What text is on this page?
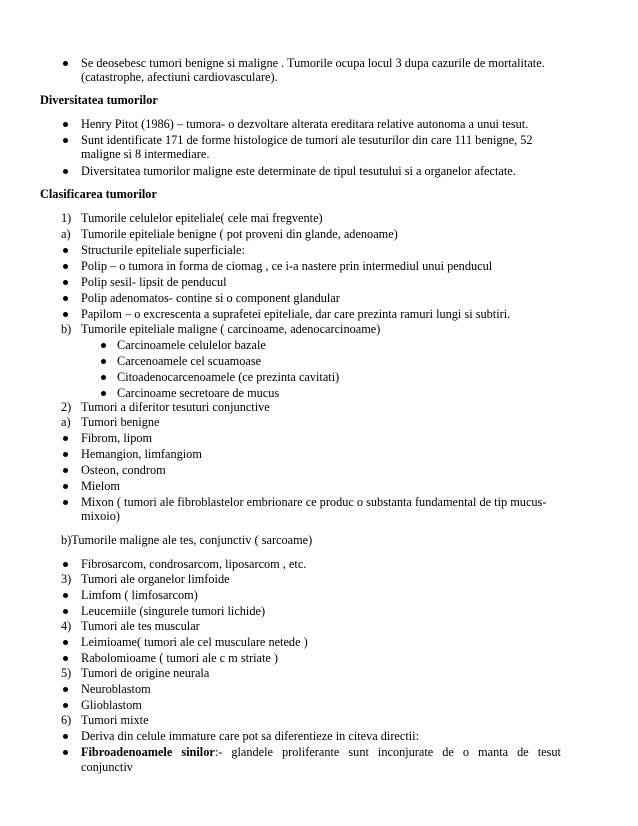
Se deosebesc tumori benigne si maligne . Tumorile ocupa locul 3 dupa cazurile de mortalitate.
(catastrophe, afectiuni cardiovasculare).
Diversitatea tumorilor
Henry Pitot (1986) – tumora- o dezvoltare alterata ereditara relative autonoma a unui tesut.
Sunt identificate 171 de forme histologice de tumori ale tesuturilor din care 111 benigne, 52
maligne si 8 intermediare.
Diversitatea tumorilor maligne este determinate de tipul tesutului si a organelor afectate.
Clasificarea tumorilor
1) Tumorile celulelor epiteliale( cele mai fregvente)
a) Tumorile epiteliale benigne ( pot proveni din glande, adenoame)
Structurile epiteliale superficiale:
Polip – o tumora in forma de ciomag , ce i-a nastere prin intermediul unui penducul
Polip sesil- lipsit de penducul
Polip adenomatos- contine si o component glandular
Papilom – o excrescenta a suprafetei epiteliale, dar care prezinta ramuri lungi si subtiri.
b) Tumorile epiteliale maligne ( carcinoame, adenocarcinoame)
Carcinoamele celulelor bazale
Carcenoamele cel scuamoase
Citoadenocarcenoamele (ce prezinta cavitati)
Carcinoame secretoare de mucus
2) Tumori a diferitor tesuturi conjunctive
a) Tumori benigne
Fibrom, lipom
Hemangion, limfangiom
Osteon, condrom
Mielom
Mixon ( tumori ale fibroblastelor embrionare ce produc o substanta fundamental de tip mucus-
mixoio)
b)Tumorile maligne ale tes, conjunctiv ( sarcoame)
Fibrosarcom, condrosarcom, liposarcom , etc.
3) Tumori ale organelor limfoide
Limfom ( limfosarcom)
Leucemiile (singurele tumori lichide)
4) Tumori ale tes muscular
Leimioame( tumori ale cel musculare netede )
Rabolomioame ( tumori ale c m striate )
5) Tumori de origine neurala
Neuroblastom
Glioblastom
6) Tumori mixte
Deriva din celule immature care pot sa diferentieze in citeva directii:
Fibroadenoamele sinilor:- glandele proliferante sunt inconjurate de o manta de tesut
conjunctiv
